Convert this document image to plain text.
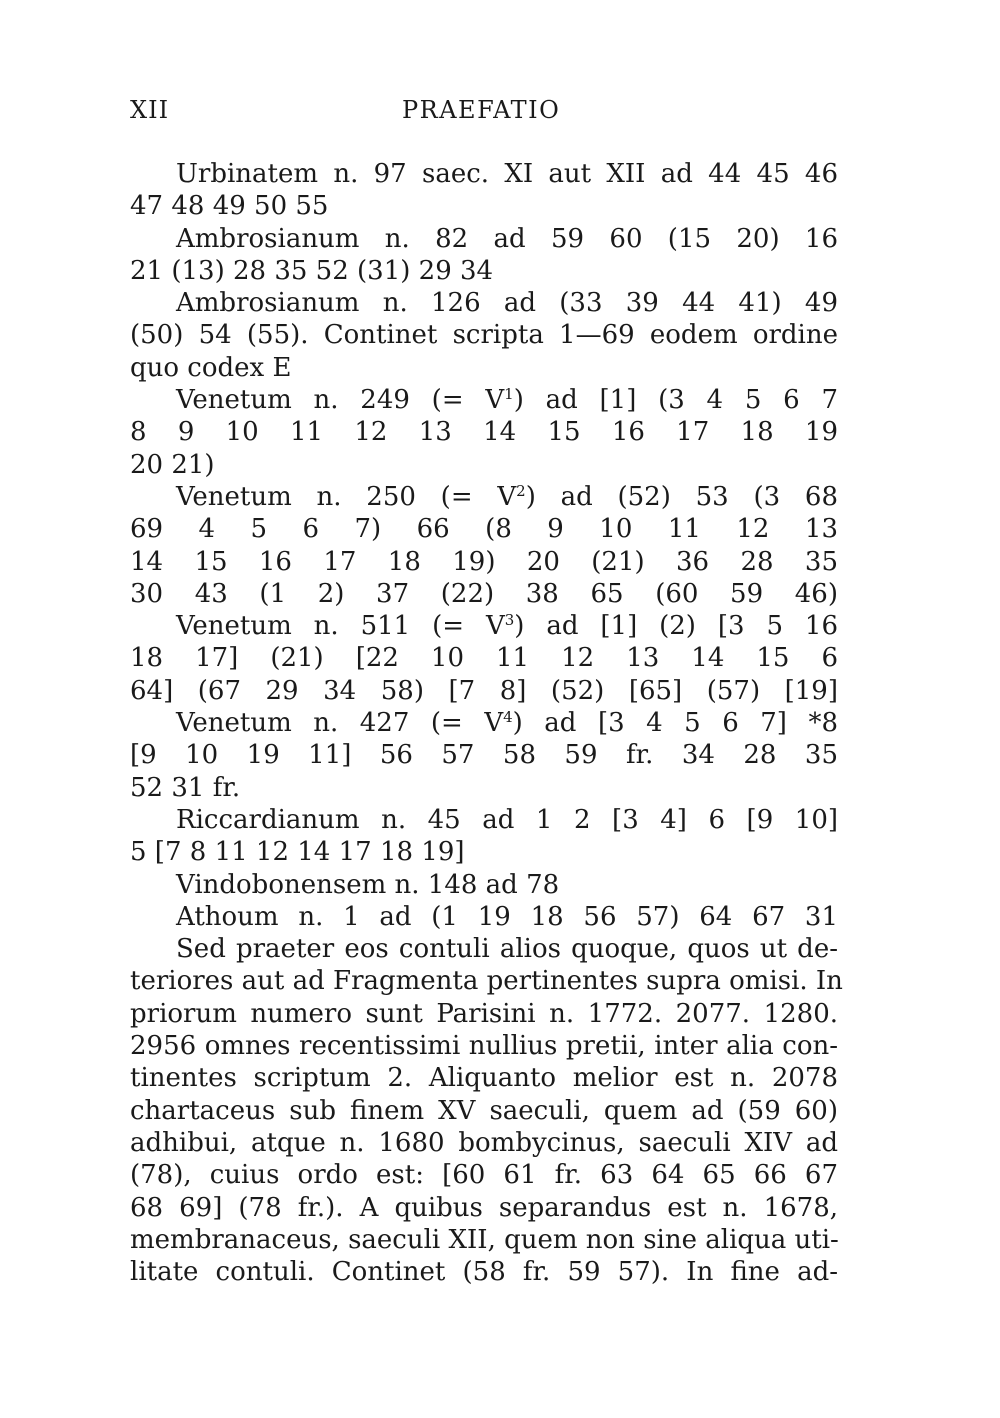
XII	PRAEFATIO
Urbinatem n. 97 saec. XI aut XII ad 44 45 46
47 48 49 50 55
Ambrosianum n. 82 ad 59 60 (15 20) 16
21 (13) 28 35 52 (31) 29 34
Ambrosianum n. 126 ad (33 39 44 41) 49
(50) 54 (55). Continet scripta 1—69 eodem ordine
quo codex E
Venetum n. 249 (= $V^1$) ad [1] (3 4 5 6 7
8 9 10 11 12 13 14 15 16 17 18 19
20 21)
Venetum n. 250 (= $V^2$) ad (52) 53 (3 68
69 4 5 6 7) 66 (8 9 10 11 12 13
14 15 16 17 18 19) 20 (21) 36 28 35
30 43 (1 2) 37 (22) 38 65 (60 59 46)
Venetum n. 511 (= $V^3$) ad [1] (2) [3 5 16
18 17] (21) [22 10 11 12 13 14 15 6
64] (67 29 34 58) [7 8] (52) [65] (57) [19]
Venetum n. 427 (= $V^4$) ad [3 4 5 6 7] *8
[9 10 19 11] 56 57 58 59 fr. 34 28 35
52 31 fr.
Riccardianum n. 45 ad 1 2 [3 4] 6 [9 10]
5 [7 8 11 12 14 17 18 19]
Vindobonensem n. 148 ad 78
Athoum n. 1 ad (1 19 18 56 57) 64 67 31
Sed praeter eos contuli alios quoque, quos ut de-
teriores aut ad Fragmenta pertinentes supra omisi. In
priorum numero sunt Parisini n. 1772. 2077. 1280.
2956 omnes recentissimi nullius pretii, inter alia con-
tinentes scriptum 2. Aliquanto melior est n. 2078
chartaceus sub finem XV saeculi, quem ad (59 60)
adhibui, atque n. 1680 bombycinus, saeculi XIV ad
(78), cuius ordo est: [60 61 fr. 63 64 65 66 67
68 69] (78 fr.). A quibus separandus est n. 1678,
membranaceus, saeculi XII, quem non sine aliqua uti-
litate contuli. Continet (58 fr. 59 57). In fine ad-
